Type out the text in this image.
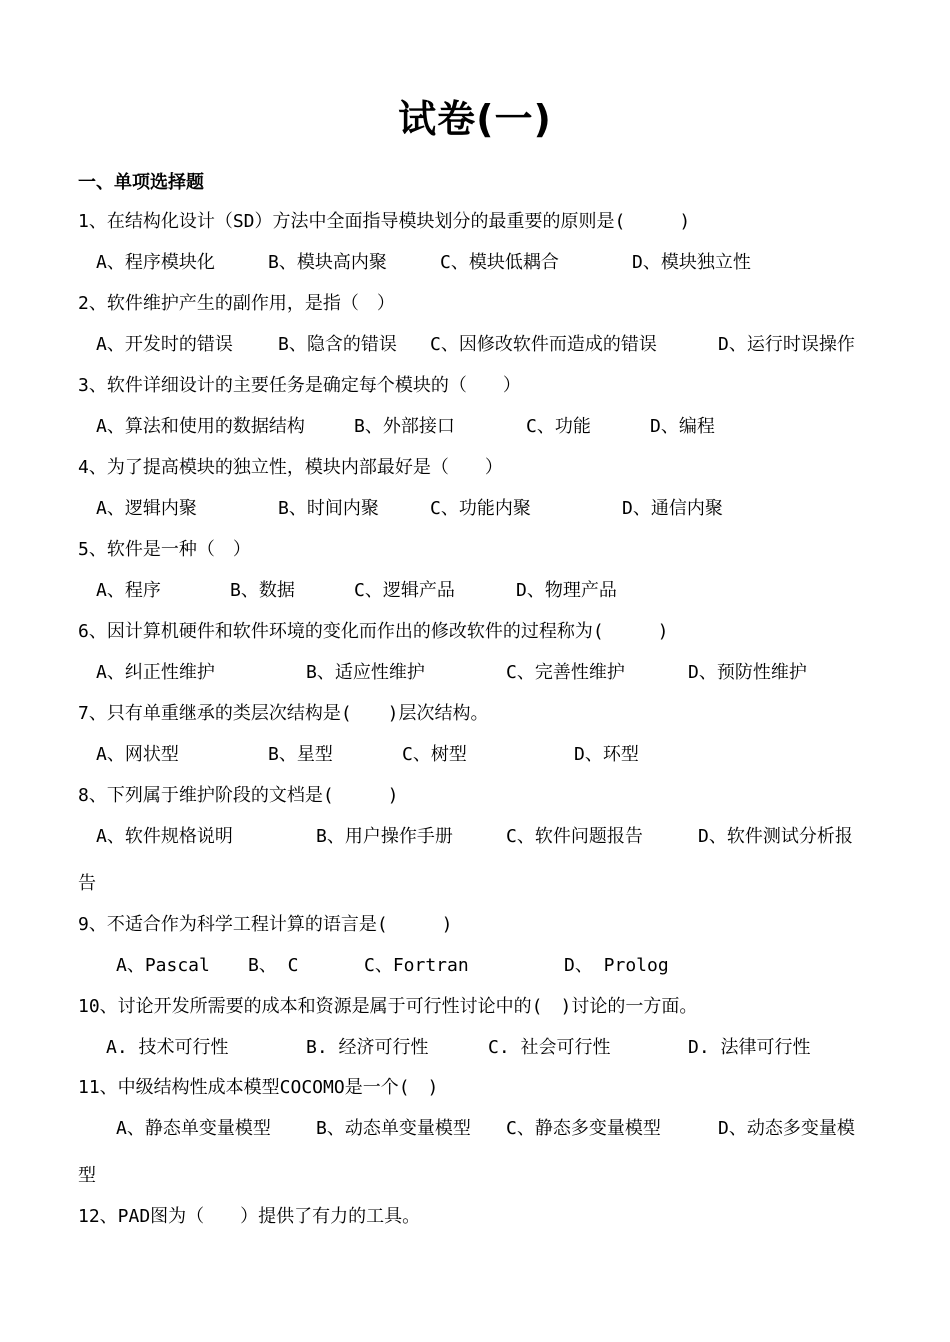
试卷(一)
一、单项选择题
1、在结构化设计（SD）方法中全面指导模块划分的最重要的原则是(　　　)
A、程序模块化	B、模块高内聚	C、模块低耦合	D、模块独立性
2、软件维护产生的副作用，是指（　）
A、开发时的错误	B、隐含的错误 C、因修改软件而造成的错误	D、运行时误操作
3、软件详细设计的主要任务是确定每个模块的（　　）
A、算法和使用的数据结构	B、外部接口	C、功能	D、编程
4、为了提高模块的独立性，模块内部最好是（　　）
A、逻辑内聚	B、时间内聚	C、功能内聚	D、通信内聚
5、软件是一种（　）
A、程序	B、数据	C、逻辑产品	D、物理产品
6、因计算机硬件和软件环境的变化而作出的修改软件的过程称为(　　　)
A、纠正性维护	B、适应性维护	C、完善性维护	D、预防性维护
7、只有单重继承的类层次结构是(　　)层次结构。
A、网状型	B、星型	C、树型	D、环型
8、下列属于维护阶段的文档是(　　　)
A、软件规格说明	B、用户操作手册	C、软件问题报告	D、软件测试分析报
告
9、不适合作为科学工程计算的语言是(　　　)
A、Pascal B、 C	C、Fortran	D、 Prolog
10、讨论开发所需要的成本和资源是属于可行性讨论中的(　)讨论的一方面。
A. 技术可行性	B. 经济可行性	C. 社会可行性	D. 法律可行性
11、中级结构性成本模型COCOMO是一个(　)
A、静态单变量模型	B、动态单变量模型 C、静态多变量模型	D、动态多变量模
型
12、PAD图为（　　）提供了有力的工具。
